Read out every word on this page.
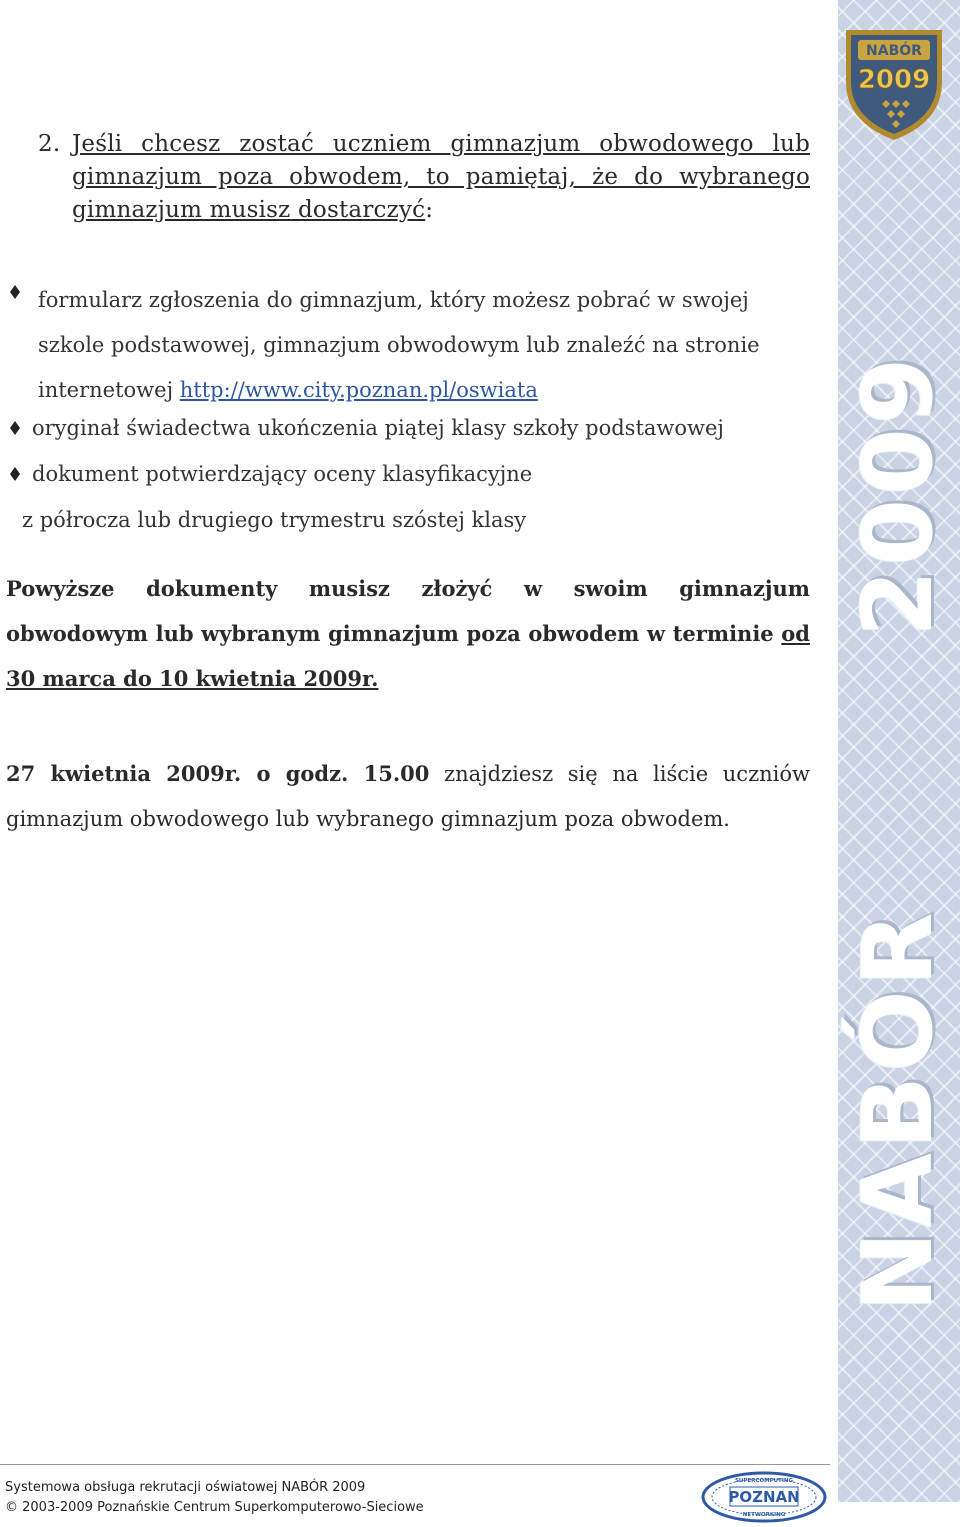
NABÓR
2009
NABÓR
2009
2. Jeśli chcesz zostać uczniem gimnazjum obwodowego lub gimnazjum poza obwodem, to pamiętaj, że do wybranego gimnazjum musisz dostarczyć:
formularz zgłoszenia do gimnazjum, który możesz pobrać w swojej
szkole podstawowej, gimnazjum obwodowym lub znaleźć na stronie
internetowej http://www.city.poznan.pl/oswiata
oryginał świadectwa ukończenia piątej klasy szkoły podstawowej
dokument potwierdzający oceny klasyfikacyjne
z półrocza lub drugiego trymestru szóstej klasy
Powyższe dokumenty musisz złożyć w swoim gimnazjum obwodowym lub wybranym gimnazjum poza obwodem w terminie od 30 marca do 10 kwietnia 2009r.
27 kwietnia 2009r. o godz. 15.00 znajdziesz się na liście uczniów gimnazjum obwodowego lub wybranego gimnazjum poza obwodem.
Systemowa obsługa rekrutacji oświatowej NABÓR 2009
© 2003-2009 Poznańskie Centrum Superkomputerowo-Sieciowe
SUPERCOMPUTING
POZNAN
NETWORKING
